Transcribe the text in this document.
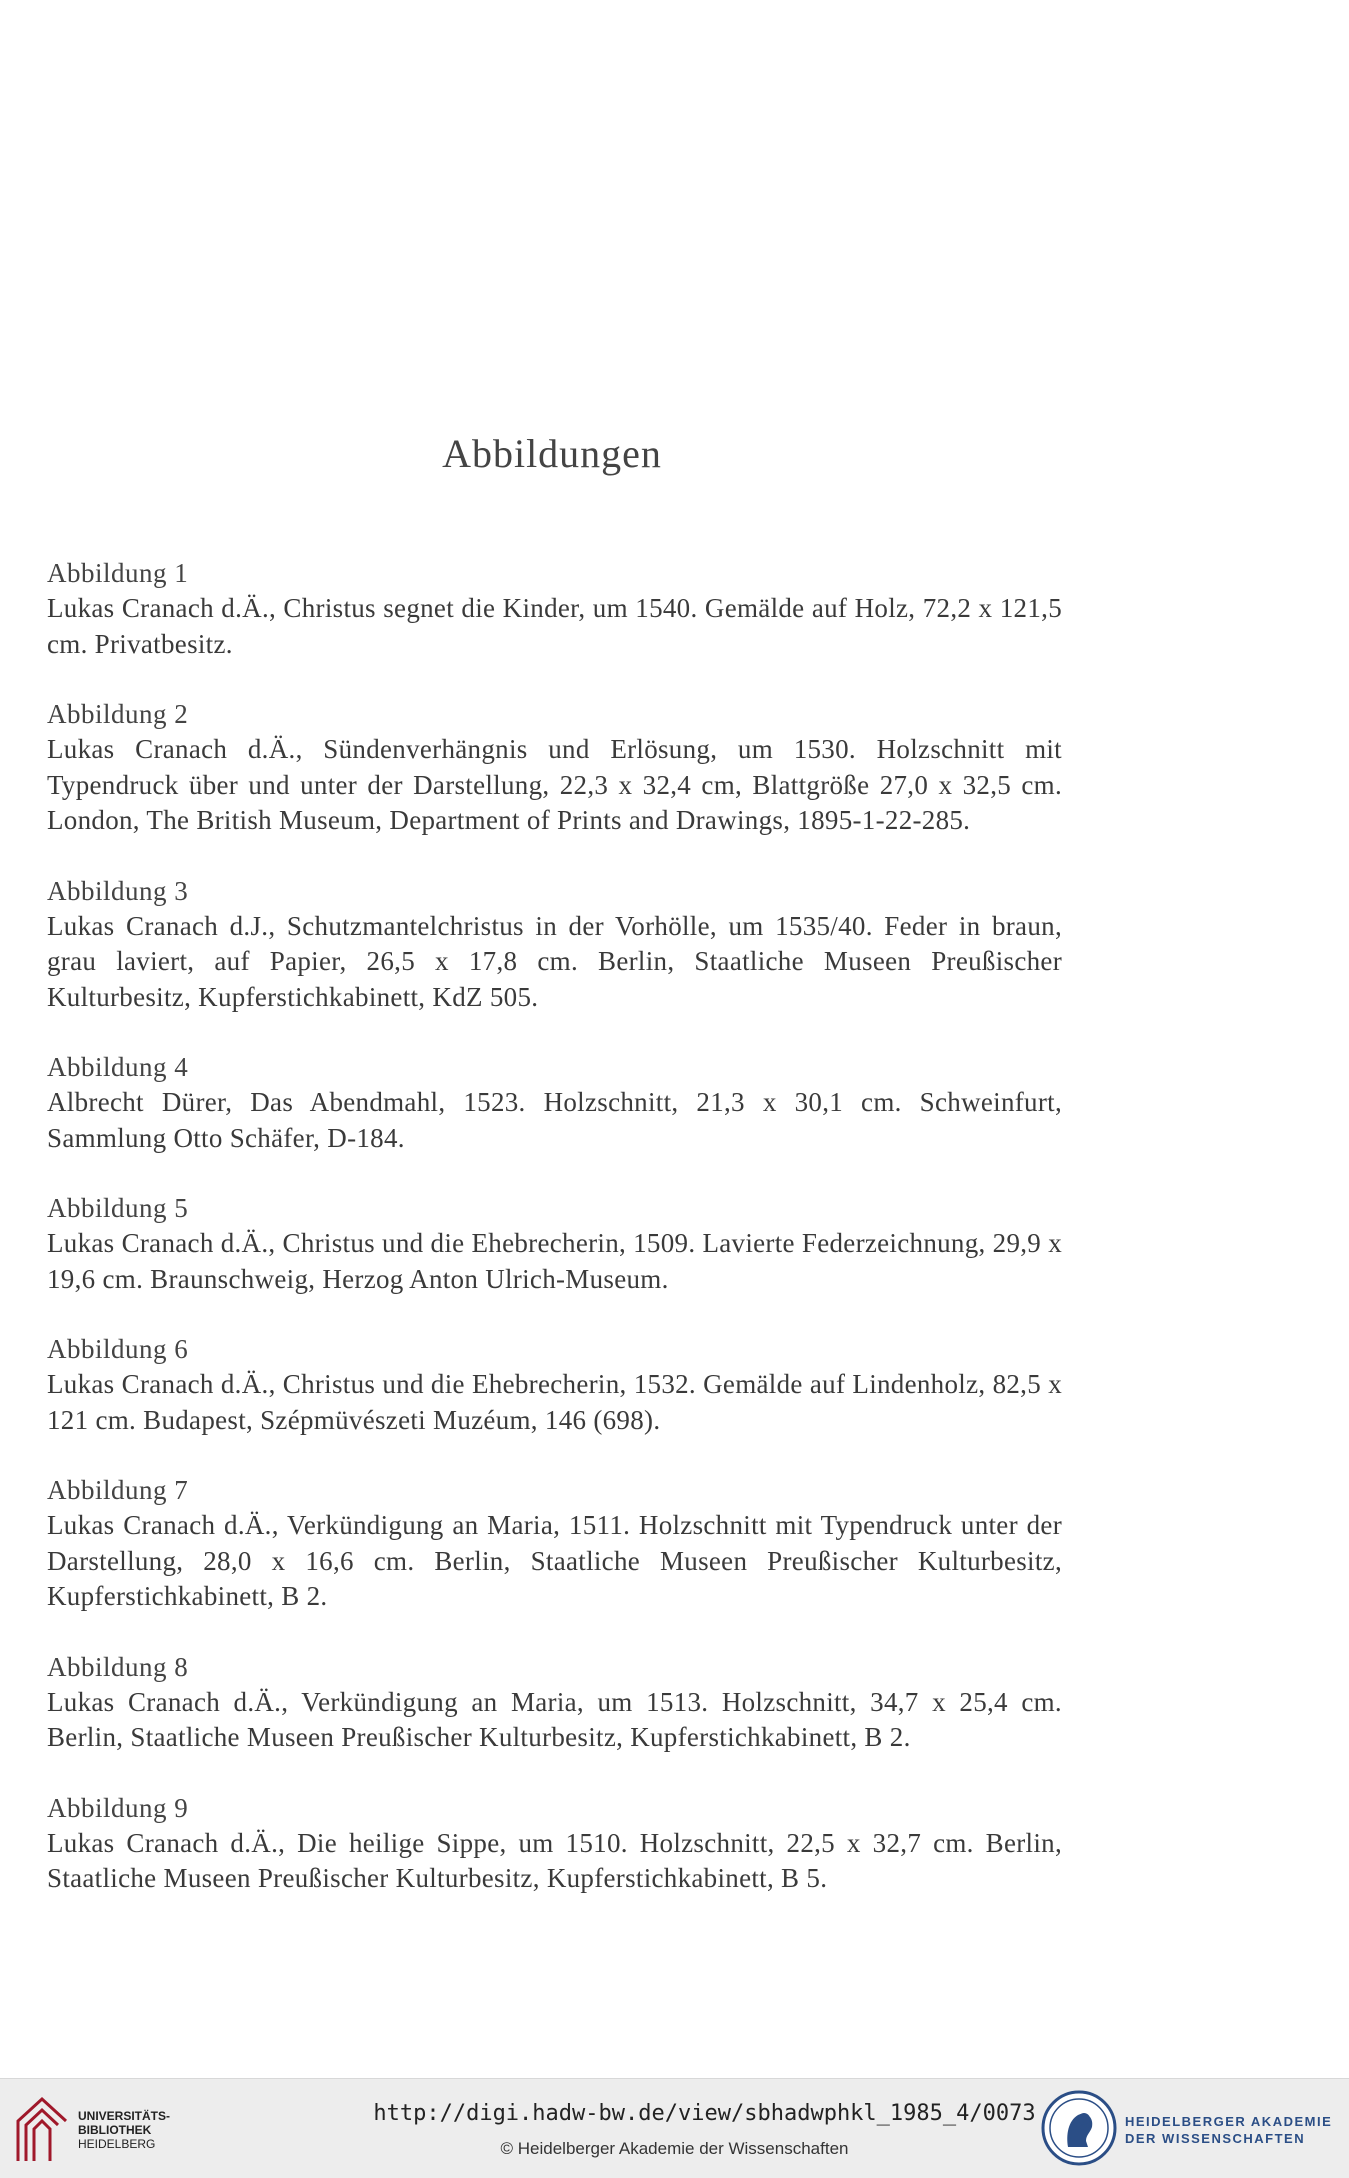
Abbildungen
Abbildung 1
Lukas Cranach d.Ä., Christus segnet die Kinder, um 1540. Gemälde auf Holz, 72,2 x 121,5 cm. Privatbesitz.
Abbildung 2
Lukas Cranach d.Ä., Sündenverhängnis und Erlösung, um 1530. Holzschnitt mit Typendruck über und unter der Darstellung, 22,3 x 32,4 cm, Blattgröße 27,0 x 32,5 cm. London, The British Museum, Department of Prints and Drawings, 1895-1-22-285.
Abbildung 3
Lukas Cranach d.J., Schutzmantelchristus in der Vorhölle, um 1535/40. Feder in braun, grau laviert, auf Papier, 26,5 x 17,8 cm. Berlin, Staatliche Museen Preußischer Kulturbesitz, Kupferstichkabinett, KdZ 505.
Abbildung 4
Albrecht Dürer, Das Abendmahl, 1523. Holzschnitt, 21,3 x 30,1 cm. Schweinfurt, Sammlung Otto Schäfer, D-184.
Abbildung 5
Lukas Cranach d.Ä., Christus und die Ehebrecherin, 1509. Lavierte Federzeichnung, 29,9 x 19,6 cm. Braunschweig, Herzog Anton Ulrich-Museum.
Abbildung 6
Lukas Cranach d.Ä., Christus und die Ehebrecherin, 1532. Gemälde auf Lindenholz, 82,5 x 121 cm. Budapest, Szépmüvészeti Muzéum, 146 (698).
Abbildung 7
Lukas Cranach d.Ä., Verkündigung an Maria, 1511. Holzschnitt mit Typendruck unter der Darstellung, 28,0 x 16,6 cm. Berlin, Staatliche Museen Preußischer Kulturbesitz, Kupferstichkabinett, B 2.
Abbildung 8
Lukas Cranach d.Ä., Verkündigung an Maria, um 1513. Holzschnitt, 34,7 x 25,4 cm. Berlin, Staatliche Museen Preußischer Kulturbesitz, Kupferstichkabinett, B 2.
Abbildung 9
Lukas Cranach d.Ä., Die heilige Sippe, um 1510. Holzschnitt, 22,5 x 32,7 cm. Berlin, Staatliche Museen Preußischer Kulturbesitz, Kupferstichkabinett, B 5.
UNIVERSITÄTS-
BIBLIOTHEK
HEIDELBERG
http://digi.hadw-bw.de/view/sbhadwphkl_1985_4/0073
© Heidelberger Akademie der Wissenschaften
HEIDELBERGER AKADEMIE
DER WISSENSCHAFTEN
